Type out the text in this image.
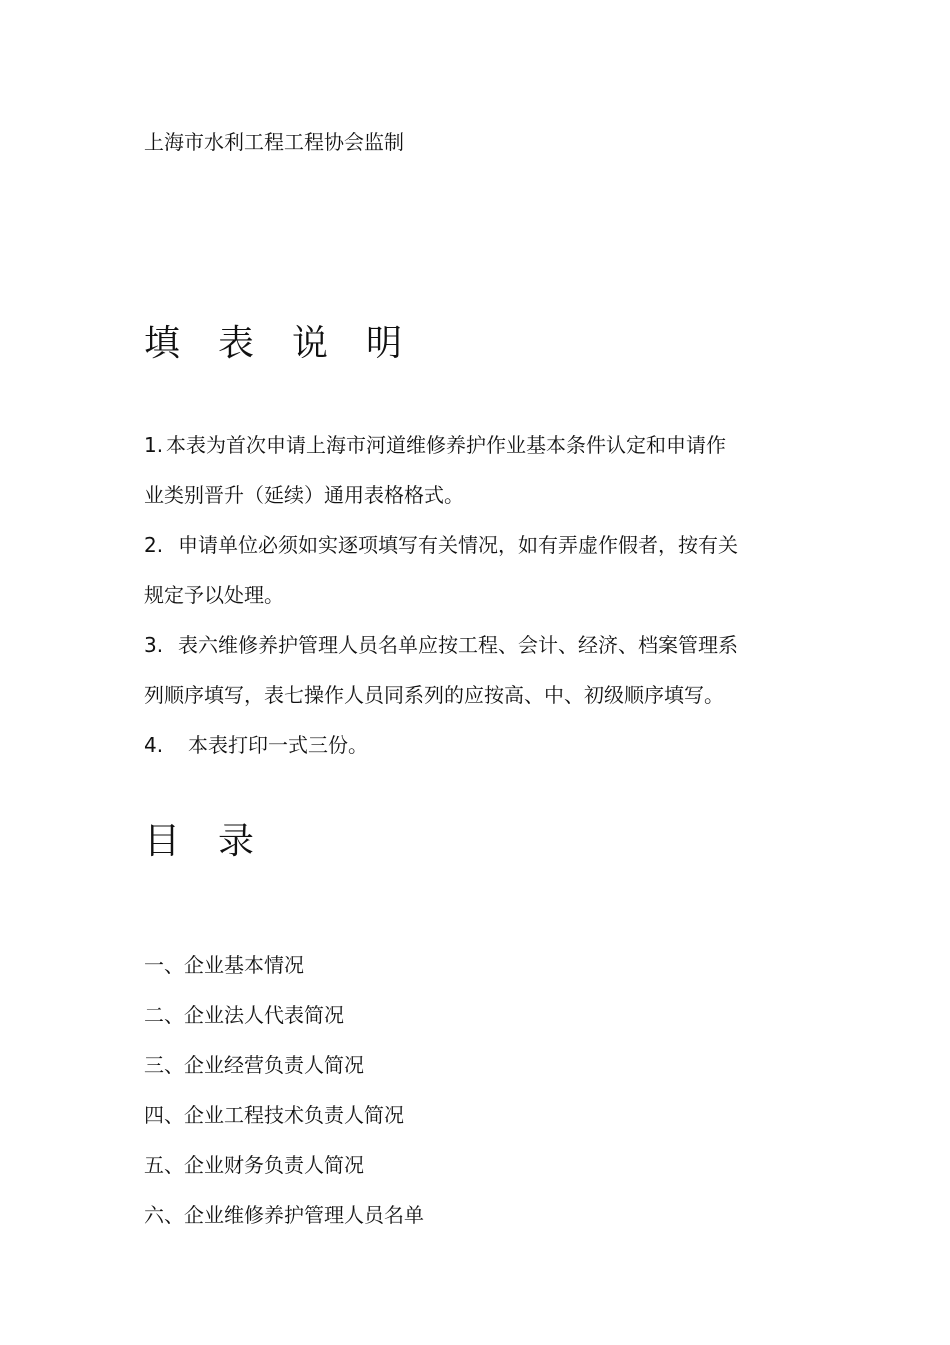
上海市水利工程工程协会监制
填 表 说 明
1. 本表为首次申请上海市河道维修养护作业基本条件认定和申请作
业类别晋升（延续）通用表格格式。
2. 申请单位必须如实逐项填写有关情况，如有弄虚作假者，按有关
规定予以处理。
3. 表六维修养护管理人员名单应按工程、会计、经济、档案管理系
列顺序填写，表七操作人员同系列的应按高、中、初级顺序填写。
4. 本表打印一式三份。
目 录
一、企业基本情况
二、企业法人代表简况
三、企业经营负责人简况
四、企业工程技术负责人简况
五、企业财务负责人简况
六、企业维修养护管理人员名单
